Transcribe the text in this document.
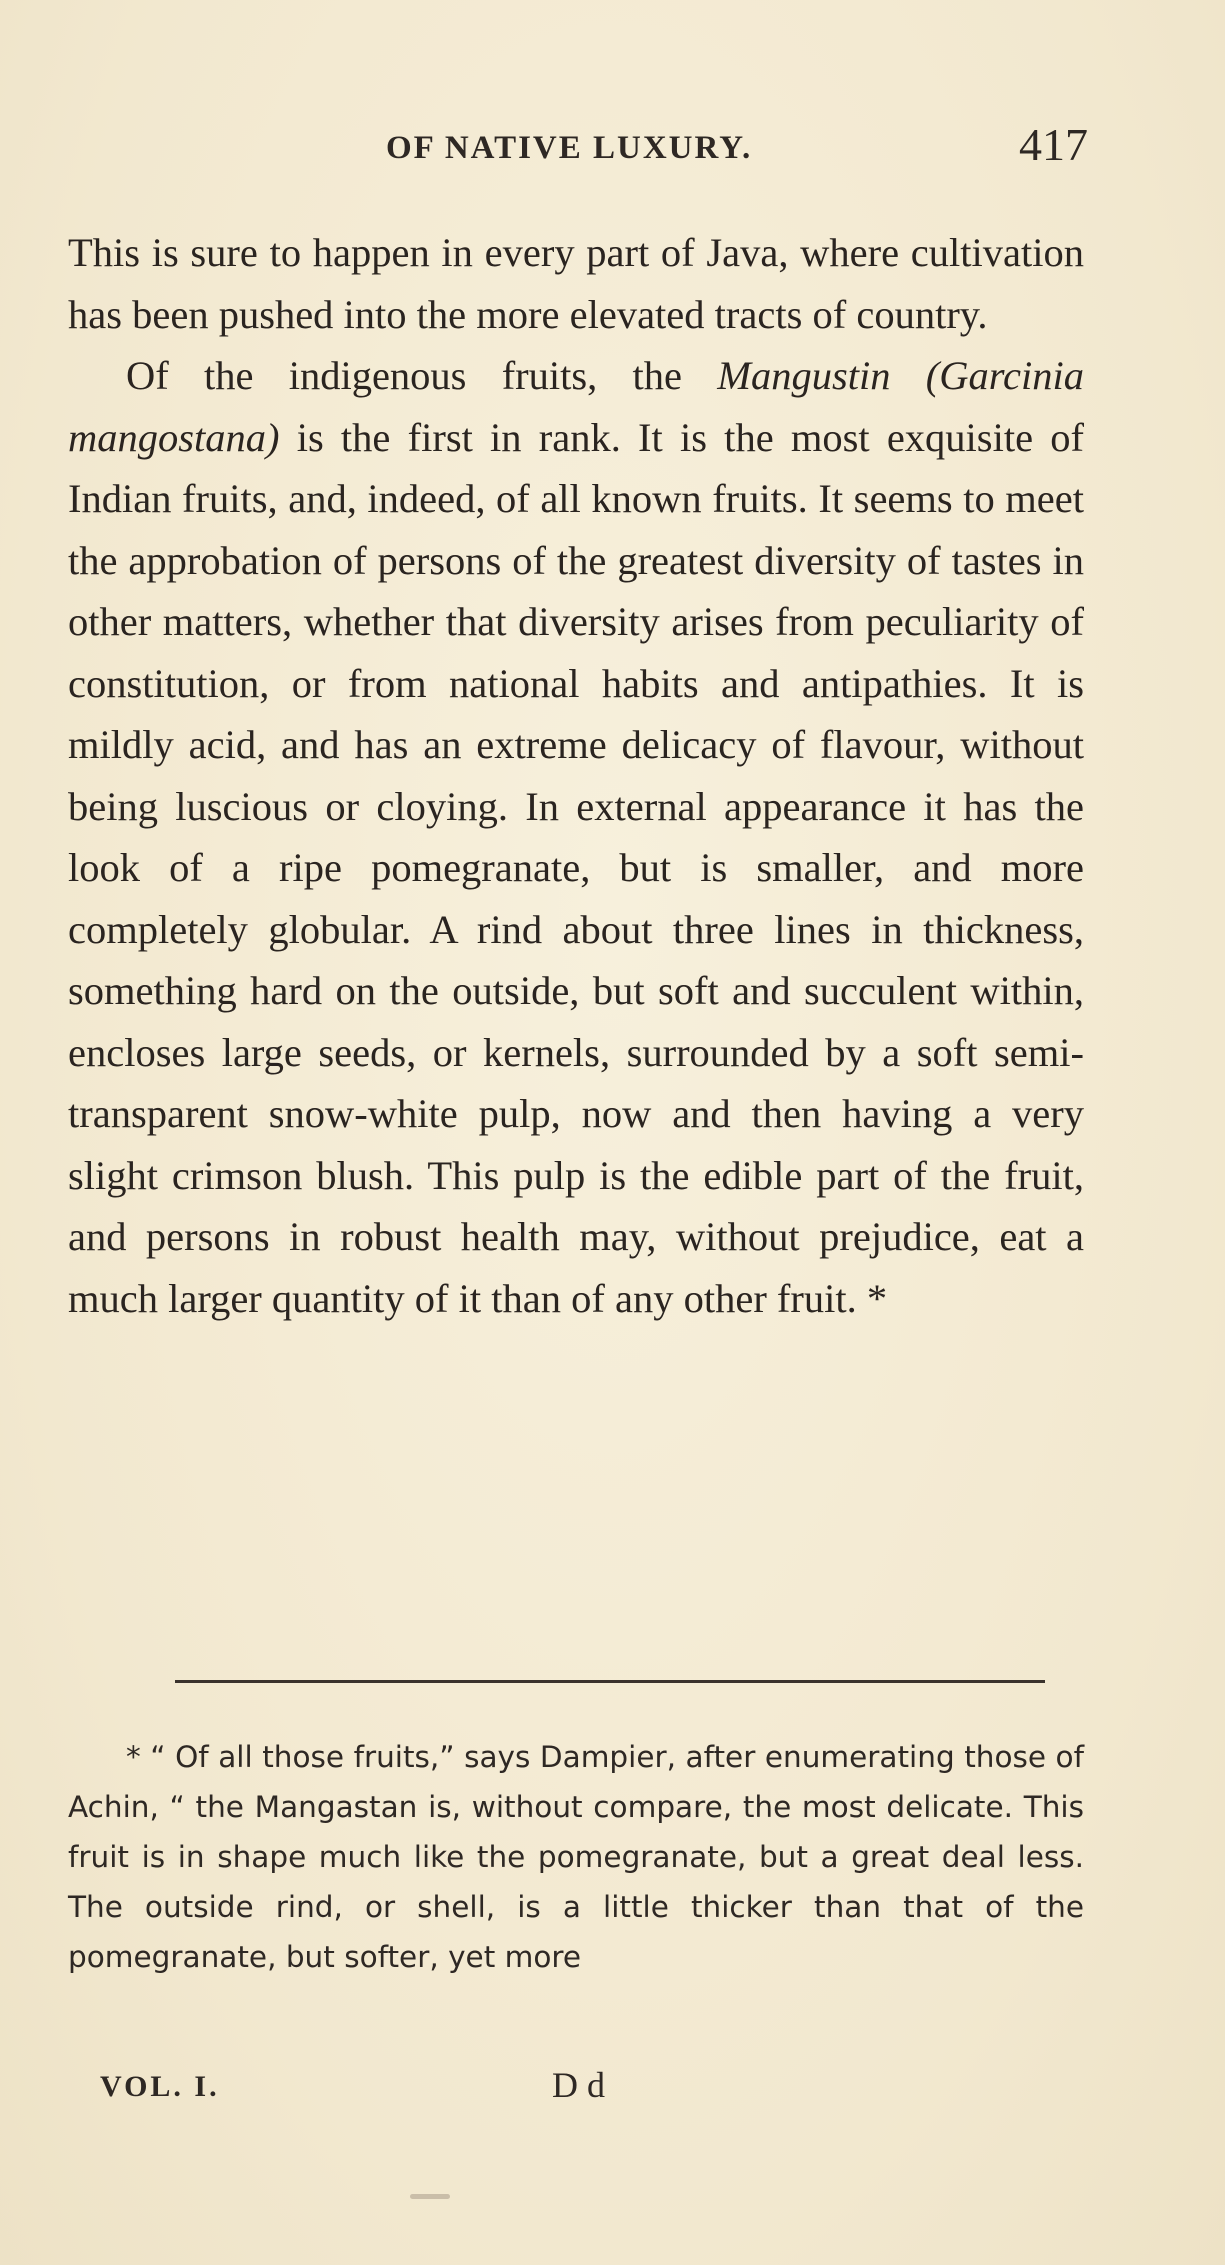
OF NATIVE LUXURY.	417

This is sure to happen in every part of Java, where cultivation has been pushed into the more elevated tracts of country.

Of the indigenous fruits, the Mangustin (Garcinia mangostana) is the first in rank. It is the most exquisite of Indian fruits, and, indeed, of all known fruits. It seems to meet the approbation of persons of the greatest diversity of tastes in other matters, whether that diversity arises from peculiarity of constitution, or from national habits and antipathies. It is mildly acid, and has an extreme delicacy of flavour, without being luscious or cloying. In external appearance it has the look of a ripe pomegranate, but is smaller, and more completely globular. A rind about three lines in thickness, something hard on the outside, but soft and succulent within, encloses large seeds, or kernels, surrounded by a soft semi-transparent snow-white pulp, now and then having a very slight crimson blush. This pulp is the edible part of the fruit, and persons in robust health may, without prejudice, eat a much larger quantity of it than of any other fruit. *

* “ Of all those fruits,” says Dampier, after enumerating those of Achin, “ the Mangastan is, without compare, the most delicate. This fruit is in shape much like the pomegranate, but a great deal less. The outside rind, or shell, is a little thicker than that of the pomegranate, but softer, yet more

VOL. I.	D d
